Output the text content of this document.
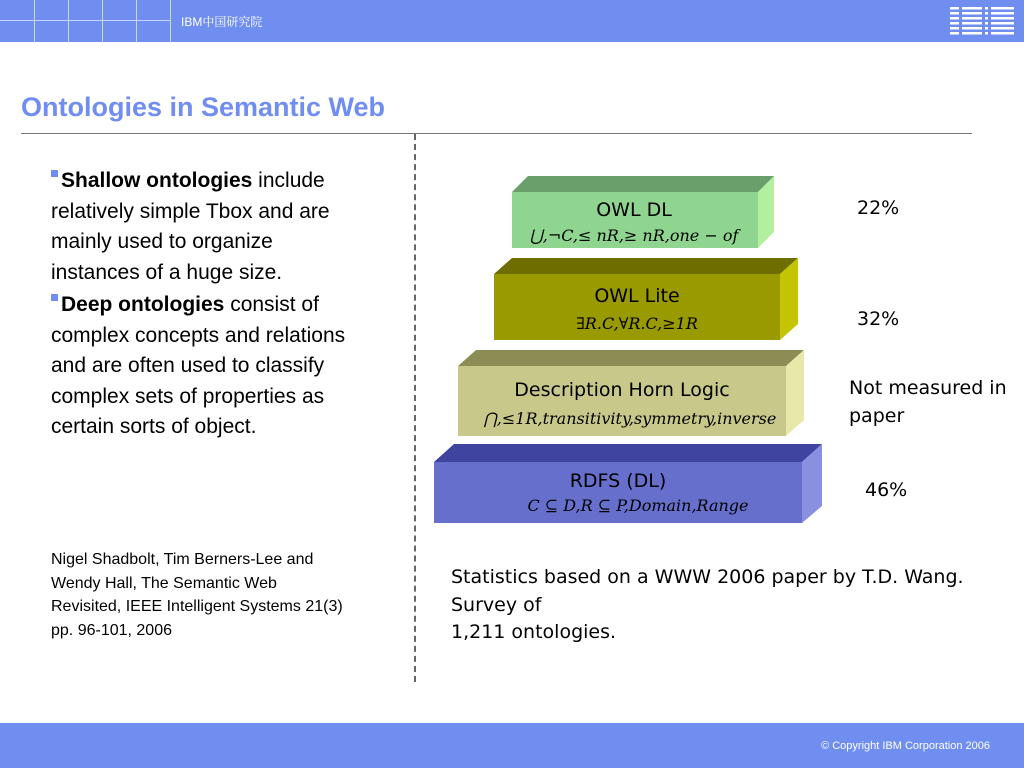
IBM中国研究院
Ontologies in Semantic Web
Shallow ontologies include relatively simple Tbox and are mainly used to organize instances of a huge size.
Deep ontologies consist of complex concepts and relations and are often used to classify complex sets of properties as certain sorts of object.
Nigel Shadbolt, Tim Berners-Lee and Wendy Hall, The Semantic Web Revisited, IEEE Intelligent Systems 21(3) pp. 96-101, 2006
OWL DL
⋃,¬C,≤ nR,≥ nR,one − of
OWL Lite
∃R.C,∀R.C,≥1R
Description Horn Logic
⋂,≤1R,transitivity,symmetry,inverse
RDFS (DL)
C ⊆ D,R ⊆ P,Domain,Range
22%
32%
Not measured in paper
46%
Statistics based on a WWW 2006 paper by T.D. Wang. Survey of
1,211 ontologies.
© Copyright IBM Corporation 2006
